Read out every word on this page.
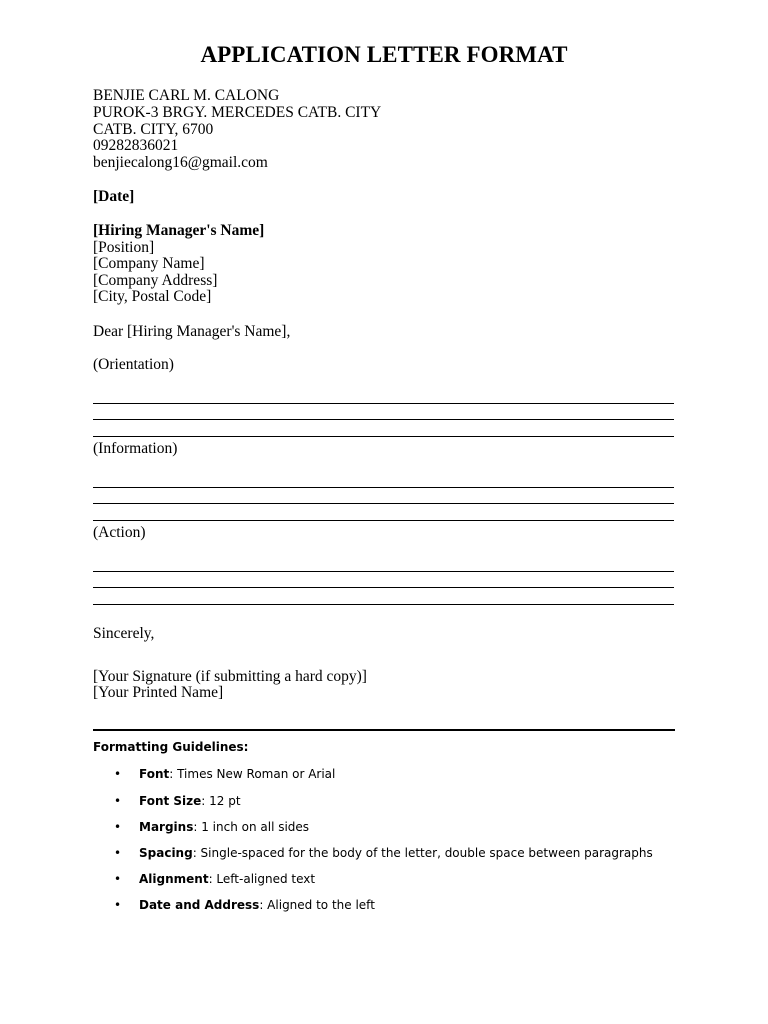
APPLICATION LETTER FORMAT
BENJIE CARL M. CALONG
PUROK-3 BRGY. MERCEDES CATB. CITY
CATB. CITY, 6700
09282836021
benjiecalong16@gmail.com
[Date]
[Hiring Manager's Name]
[Position]
[Company Name]
[Company Address]
[City, Postal Code]
Dear [Hiring Manager's Name],
(Orientation)
(Information)
(Action)
Sincerely,
[Your Signature (if submitting a hard copy)]
[Your Printed Name]
Formatting Guidelines:
• Font: Times New Roman or Arial
• Font Size: 12 pt
• Margins: 1 inch on all sides
• Spacing: Single-spaced for the body of the letter, double space between paragraphs
• Alignment: Left-aligned text
• Date and Address: Aligned to the left
